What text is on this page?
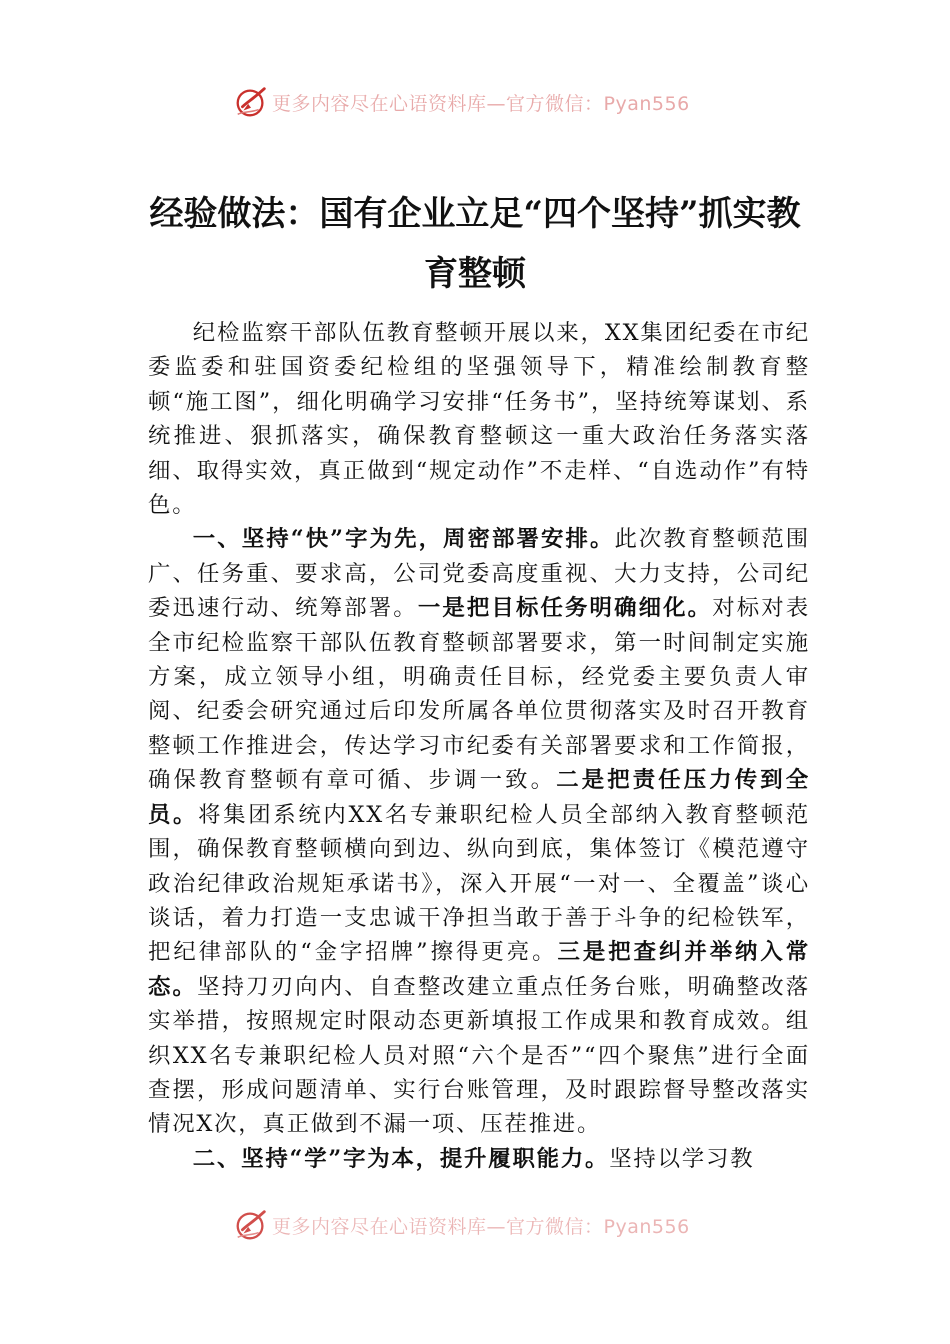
更多内容尽在心语资料库—官方微信：Pyan556
经验做法：国有企业立足“四个坚持”抓实教育整顿

纪检监察干部队伍教育整顿开展以来，XX集团纪委在市纪委监委和驻国资委纪检组的坚强领导下，精准绘制教育整顿“施工图”，细化明确学习安排“任务书”，坚持统筹谋划、系统推进、狠抓落实，确保教育整顿这一重大政治任务落实落细、取得实效，真正做到“规定动作”不走样、“自选动作”有特色。

一、坚持“快”字为先，周密部署安排。此次教育整顿范围广、任务重、要求高，公司党委高度重视、大力支持，公司纪委迅速行动、统筹部署。一是把目标任务明确细化。对标对表全市纪检监察干部队伍教育整顿部署要求，第一时间制定实施方案，成立领导小组，明确责任目标，经党委主要负责人审阅、纪委会研究通过后印发所属各单位贯彻落实及时召开教育整顿工作推进会，传达学习市纪委有关部署要求和工作简报，确保教育整顿有章可循、步调一致。二是把责任压力传到全员。将集团系统内XX名专兼职纪检人员全部纳入教育整顿范围，确保教育整顿横向到边、纵向到底，集体签订《模范遵守政治纪律政治规矩承诺书》，深入开展“一对一、全覆盖”谈心谈话，着力打造一支忠诚干净担当敢于善于斗争的纪检铁军，把纪律部队的“金字招牌”擦得更亮。三是把查纠并举纳入常态。坚持刀刃向内、自查整改建立重点任务台账，明确整改落实举措，按照规定时限动态更新填报工作成果和教育成效。组织XX名专兼职纪检人员对照“六个是否”“四个聚焦”进行全面查摆，形成问题清单、实行台账管理，及时跟踪督导整改落实情况X次，真正做到不漏一项、压茬推进。

二、坚持“学”字为本，提升履职能力。坚持以学习教

更多内容尽在心语资料库—官方微信：Pyan556
